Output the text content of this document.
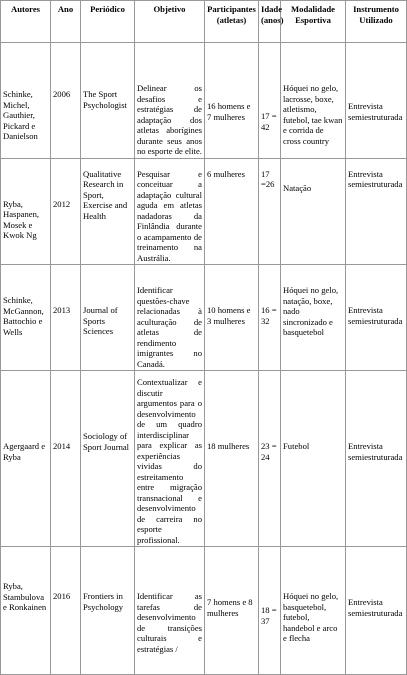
Autores	Ano	Periódico	Objetivo	Participantes (atletas)	Idade (anos)	Modalidade Esportiva	Instrumento Utilizado
Schinke, Michel, Gauthier, Pickard e Danielson	2006	The Sport Psychologist	Delinear os desafios e estratégias de adaptação dos atletas aborígines durante seus anos no esporte de elite.	16 homens e 7 mulheres	17 = 42	Hóquei no gelo, lacrosse, boxe, atletismo, futebol, tae kwan e corrida de cross country	Entrevista semiestruturada
Ryba, Haspanen, Mosek e Kwok Ng	2012	Qualitative Research in Sport, Exercise and Health	Pesquisar e conceituar a adaptação cultural aguda em atletas nadadoras da Finlândia durante o acampamento de treinamento na Austrália.	6 mulheres	17 =26	Natação	Entrevista semiestruturada
Schinke, McGannon, Battochio e Wells	2013	Journal of Sports Sciences	Identificar questões-chave relacionadas à aculturação de atletas de rendimento imigrantes no Canadá.	10 homens e 3 mulheres	16 = 32	Hóquei no gelo, natação, boxe, nado sincronizado e basquetebol	Entrevista semiestruturada
Agergaard e Ryba	2014	Sociology of Sport Journal	Contextualizar e discutir argumentos para o desenvolvimento de um quadro interdisciplinar para explicar as experiências vividas do estreitamento entre migração transnacional e desenvolvimento de carreira no esporte profissional.	18 mulheres	23 = 24	Futebol	Entrevista semiestruturada
Ryba, Stambulova e Ronkainen	2016	Frontiers in Psychology	Identificar as tarefas de desenvolvimento de transições culturais e estratégias /	7 homens e 8 mulheres	18 = 37	Hóquei no gelo, basquetebol, futebol, handebol e arco e flecha	Entrevista semiestruturada
